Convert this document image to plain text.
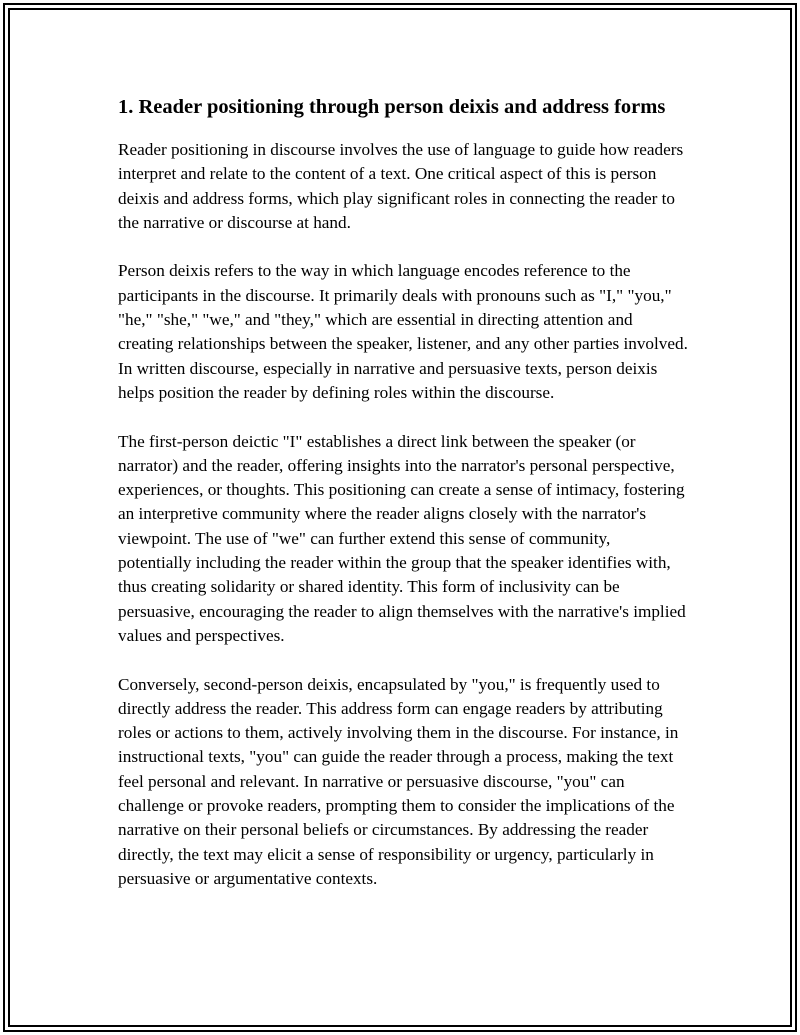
1. Reader positioning through person deixis and address forms

Reader positioning in discourse involves the use of language to guide how readers interpret and relate to the content of a text. One critical aspect of this is person deixis and address forms, which play significant roles in connecting the reader to the narrative or discourse at hand.

Person deixis refers to the way in which language encodes reference to the participants in the discourse. It primarily deals with pronouns such as "I," "you," "he," "she," "we," and "they," which are essential in directing attention and creating relationships between the speaker, listener, and any other parties involved. In written discourse, especially in narrative and persuasive texts, person deixis helps position the reader by defining roles within the discourse.

The first-person deictic "I" establishes a direct link between the speaker (or narrator) and the reader, offering insights into the narrator's personal perspective, experiences, or thoughts. This positioning can create a sense of intimacy, fostering an interpretive community where the reader aligns closely with the narrator's viewpoint. The use of "we" can further extend this sense of community, potentially including the reader within the group that the speaker identifies with, thus creating solidarity or shared identity. This form of inclusivity can be persuasive, encouraging the reader to align themselves with the narrative's implied values and perspectives.

Conversely, second-person deixis, encapsulated by "you," is frequently used to directly address the reader. This address form can engage readers by attributing roles or actions to them, actively involving them in the discourse. For instance, in instructional texts, "you" can guide the reader through a process, making the text feel personal and relevant. In narrative or persuasive discourse, "you" can challenge or provoke readers, prompting them to consider the implications of the narrative on their personal beliefs or circumstances. By addressing the reader directly, the text may elicit a sense of responsibility or urgency, particularly in persuasive or argumentative contexts.
